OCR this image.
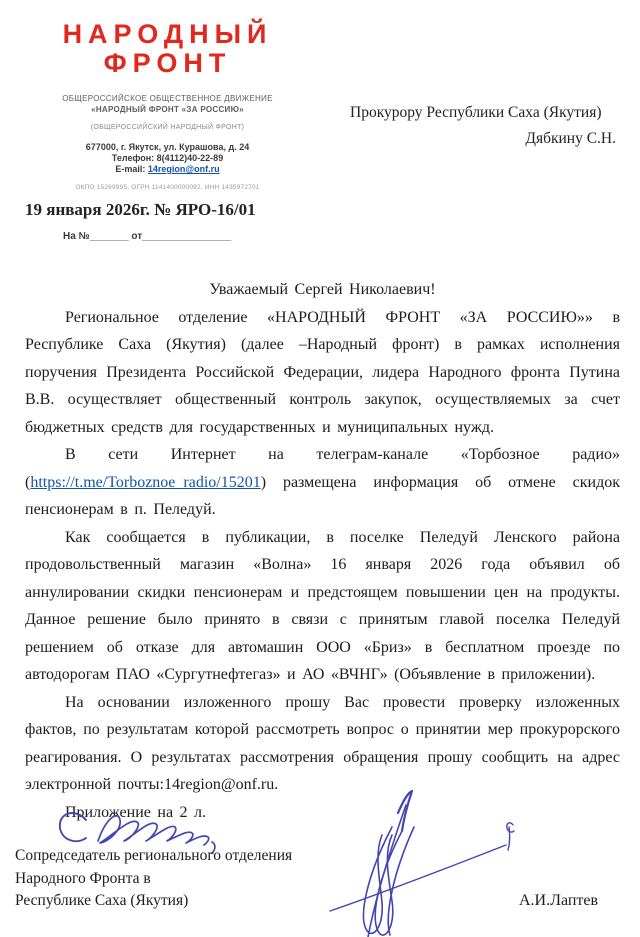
НАРОДНЫЙ
ФРОНТ
ОБЩЕРОССИЙСКОЕ ОБЩЕСТВЕННОЕ ДВИЖЕНИЕ
«НАРОДНЫЙ ФРОНТ «ЗА РОССИЮ»
(ОБЩЕРОССИЙСКИЙ НАРОДНЫЙ ФРОНТ)
677000, г. Якутск, ул. Курашова, д. 24
Телефон: 8(4112)40-22-89
E-mail: 14region@onf.ru
ОКПО 15269995, ОГРН 1141400000092, ИНН 1435972701
19 января 2026г. № ЯРО-16/01
На №_______ от________________
Прокурору Республики Саха (Якутия)
Дябкину С.Н.
Уважаемый Сергей Николаевич!

Региональное отделение «НАРОДНЫЙ ФРОНТ «ЗА РОССИЮ»» в Республике Саха (Якутия) (далее –Народный фронт) в рамках исполнения поручения Президента Российской Федерации, лидера Народного фронта Путина В.В. осуществляет общественный контроль закупок, осуществляемых за счет бюджетных средств для государственных и муниципальных нужд.

В сети Интернет на телеграм-канале «Торбозное радио» (https://t.me/Torboznoe_radio/15201) размещена информация об отмене скидок пенсионерам в п. Пеледуй.

Как сообщается в публикации, в поселке Пеледуй Ленского района продовольственный магазин «Волна» 16 января 2026 года объявил об аннулировании скидки пенсионерам и предстоящем повышении цен на продукты. Данное решение было принято в связи с принятым главой поселка Пеледуй решением об отказе для автомашин ООО «Бриз» в бесплатном проезде по автодорогам ПАО «Сургутнефтегаз» и АО «ВЧНГ» (Объявление в приложении).

На основании изложенного прошу Вас провести проверку изложенных фактов, по результатам которой рассмотреть вопрос о принятии мер прокурорского реагирования. О результатах рассмотрения обращения прошу сообщить на адрес электронной почты:14region@onf.ru.

Приложение на 2 л.

Сопредседатель регионального отделения
Народного Фронта в
Республике Саха (Якутия)	А.И.Лаптев
